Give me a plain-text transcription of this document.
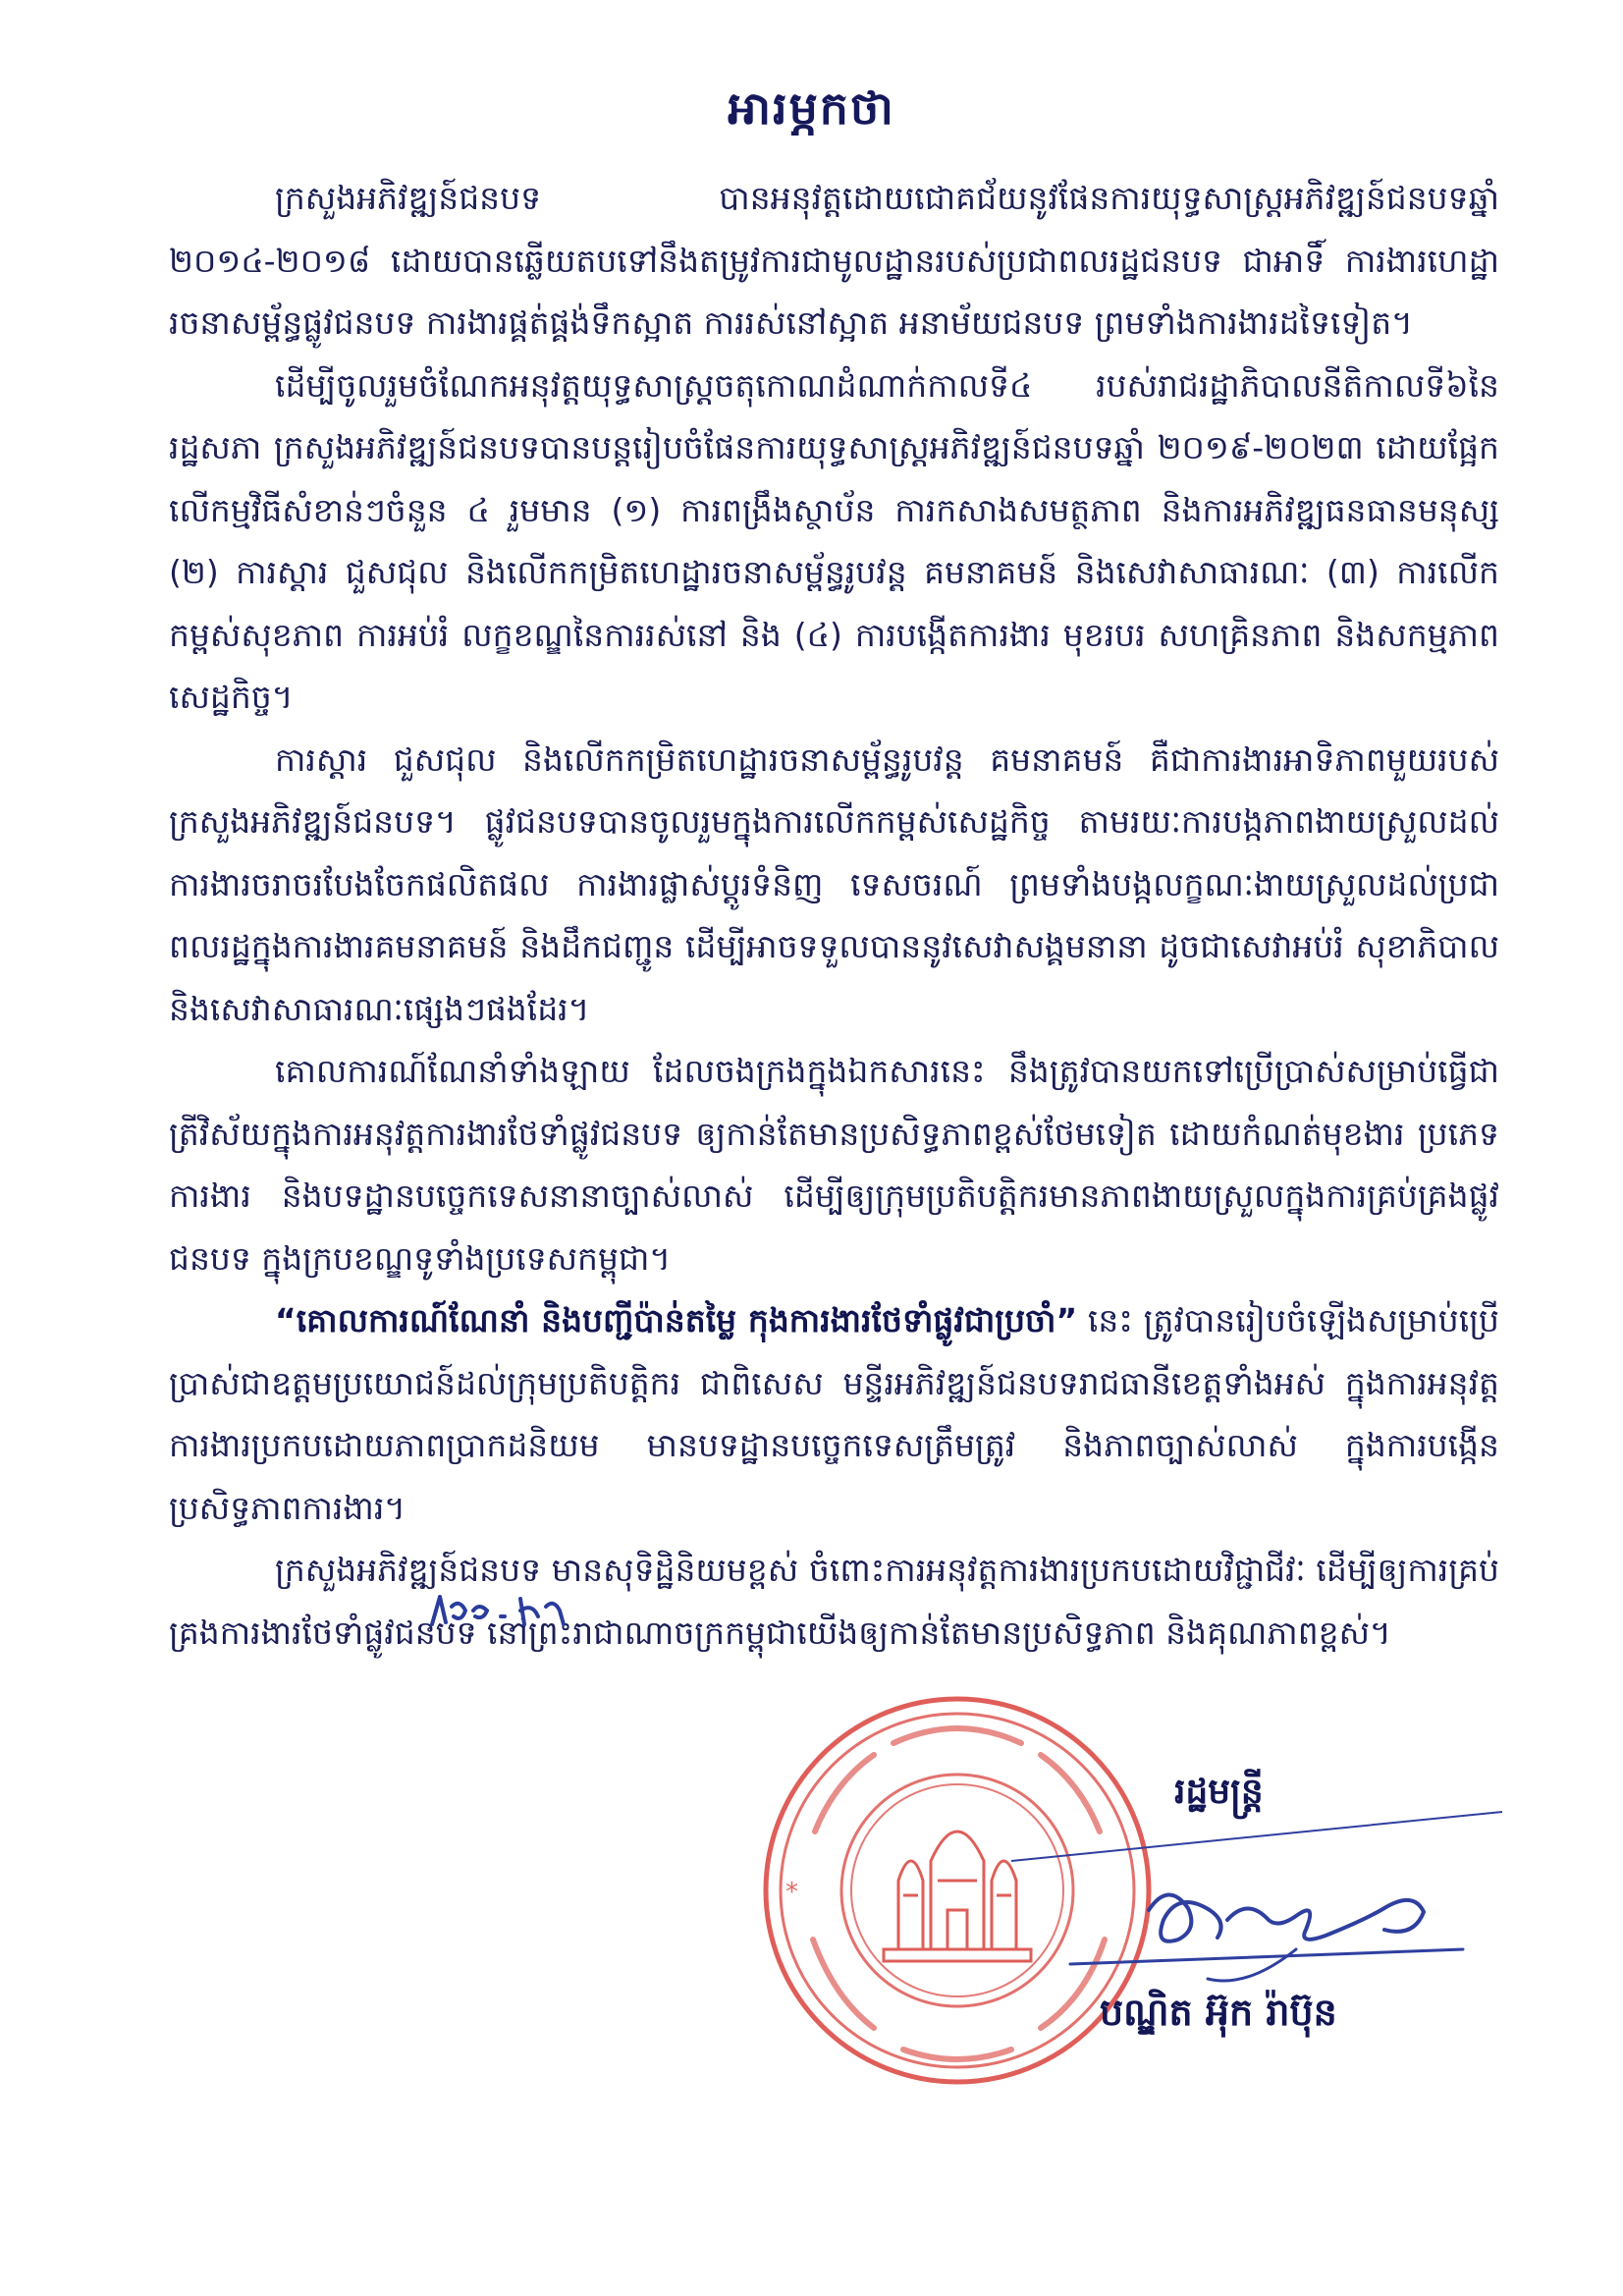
អារម្ភកថា

ក្រសួងអភិវឌ្ឍន៍ជនបទ បានអនុវត្តដោយជោគជ័យនូវផែនការយុទ្ធសាស្ត្រអភិវឌ្ឍន៍ជនបទឆ្នាំ ២០១៤-២០១៨ ដោយបានឆ្លើយតបទៅនឹងតម្រូវការជាមូលដ្ឋានរបស់ប្រជាពលរដ្ឋជនបទ ជាអាទិ៍ ការងារហេដ្ឋារចនាសម្ព័ន្ធផ្លូវជនបទ ការងារផ្គត់ផ្គង់ទឹកស្អាត ការរស់នៅស្អាត អនាម័យជនបទ ព្រមទាំងការងារដទៃទៀត។

ដើម្បីចូលរួមចំណែកអនុវត្តយុទ្ធសាស្ត្រចតុកោណដំណាក់កាលទី៤ របស់រាជរដ្ឋាភិបាលនីតិកាលទី៦នៃ រដ្ឋសភា ក្រសួងអភិវឌ្ឍន៍ជនបទបានបន្តរៀបចំផែនការយុទ្ធសាស្ត្រអភិវឌ្ឍន៍ជនបទឆ្នាំ ២០១៩-២០២៣ ដោយផ្អែកលើកម្មវិធីសំខាន់ៗចំនួន ៤ រួមមាន (១) ការពង្រឹងស្ថាប័ន ការកសាងសមត្ថភាព និងការអភិវឌ្ឍធនធានមនុស្ស (២) ការស្ដារ ជួសជុល និងលើកកម្រិតហេដ្ឋារចនាសម្ព័ន្ធរូបវន្ត គមនាគមន៍ និងសេវាសាធារណៈ (៣) ការលើកកម្ពស់សុខភាព ការអប់រំ លក្ខខណ្ឌនៃការរស់នៅ និង (៤) ការបង្កើតការងារ មុខរបរ សហគ្រិនភាព និងសកម្មភាពសេដ្ឋកិច្ច។

ការស្ដារ ជួសជុល និងលើកកម្រិតហេដ្ឋារចនាសម្ព័ន្ធរូបវន្ត គមនាគមន៍ គឺជាការងារអាទិភាពមួយរបស់ក្រសួងអភិវឌ្ឍន៍ជនបទ។ ផ្លូវជនបទបានចូលរួមក្នុងការលើកកម្ពស់សេដ្ឋកិច្ច តាមរយៈការបង្កភាពងាយស្រួលដល់ការងារចរាចរបែងចែកផលិតផល ការងារផ្លាស់ប្តូរទំនិញ ទេសចរណ៍ ព្រមទាំងបង្កលក្ខណៈងាយស្រួលដល់ប្រជាពលរដ្ឋក្នុងការងារគមនាគមន៍ និងដឹកជញ្ជូន ដើម្បីអាចទទួលបាននូវសេវាសង្គមនានា ដូចជាសេវាអប់រំ សុខាភិបាល និងសេវាសាធារណៈផ្សេងៗផងដែរ។

គោលការណ៍ណែនាំទាំងឡាយ ដែលចងក្រងក្នុងឯកសារនេះ នឹងត្រូវបានយកទៅប្រើប្រាស់សម្រាប់ធ្វើជាត្រីវិស័យក្នុងការអនុវត្តការងារថែទាំផ្លូវជនបទ ឲ្យកាន់តែមានប្រសិទ្ធភាពខ្ពស់ថែមទៀត ដោយកំណត់មុខងារ ប្រភេទការងារ និងបទដ្ឋានបច្ចេកទេសនានាច្បាស់លាស់ ដើម្បីឲ្យក្រុមប្រតិបត្តិករមានភាពងាយស្រួលក្នុងការគ្រប់គ្រងផ្លូវជនបទ ក្នុងក្របខណ្ឌទូទាំងប្រទេសកម្ពុជា។

“គោលការណ៍ណែនាំ និងបញ្ជីប៉ាន់តម្លៃ កុងការងារថែទាំផ្លូវជាប្រចាំ” នេះ ត្រូវបានរៀបចំឡើងសម្រាប់ប្រើប្រាស់ជាឧត្តមប្រយោជន៍ដល់ក្រុមប្រតិបត្តិករ ជាពិសេស មន្ទីរអភិវឌ្ឍន៍ជនបទរាជធានីខេត្តទាំងអស់ ក្នុងការអនុវត្តការងារប្រកបដោយភាពប្រាកដនិយម មានបទដ្ឋានបច្ចេកទេសត្រឹមត្រូវ និងភាពច្បាស់លាស់ ក្នុងការបង្កើនប្រសិទ្ធភាពការងារ។

ក្រសួងអភិវឌ្ឍន៍ជនបទ មានសុទិដ្ឋិនិយមខ្ពស់ ចំពោះការអនុវត្តការងារប្រកបដោយវិជ្ជាជីវៈ ដើម្បីឲ្យការគ្រប់គ្រងការងារថែទាំផ្លូវជនបទ នៅព្រះរាជាណាចក្រកម្ពុជាយើងឲ្យកាន់តែមានប្រសិទ្ធភាព និងគុណភាពខ្ពស់។

*
រដ្ឋមន្ត្រី
បណ្ឌិត អ៊ុក រ៉ាប៊ុន
